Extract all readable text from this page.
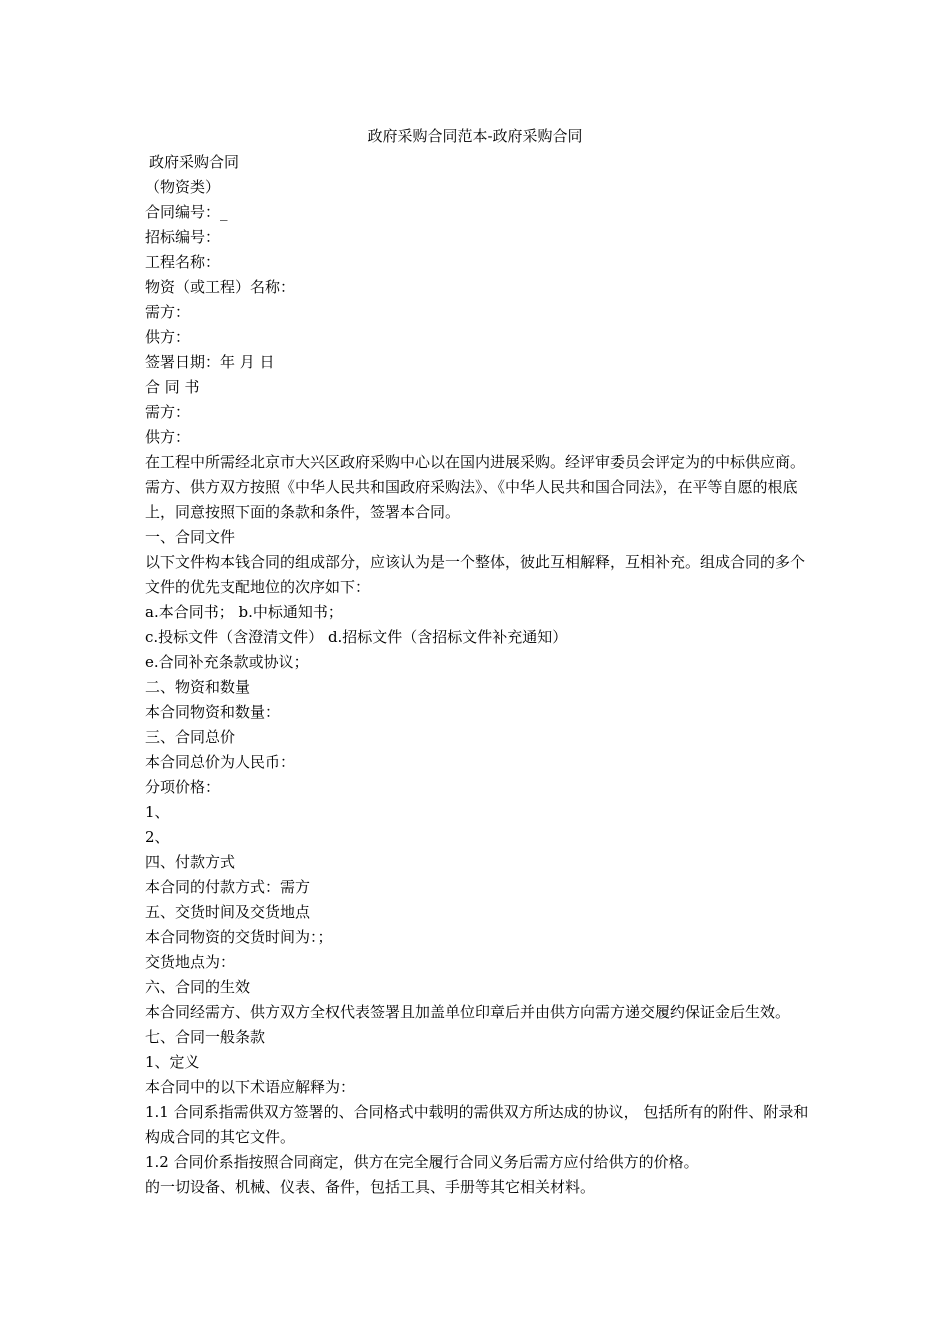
政府采购合同范本-政府采购合同

政府采购合同

（物资类）

合同编号：_

招标编号：

工程名称：

物资（或工程）名称：

需方：

供方：

签署日期：年 月 日

合 同 书

需方：

供方：

在工程中所需经北京市大兴区政府采购中心以在国内进展采购。经评审委员会评定为的中标供应商。需方、供方双方按照《中华人民共和国政府采购法》、《中华人民共和国合同法》，在平等自愿的根底上，同意按照下面的条款和条件，签署本合同。

一、合同文件

以下文件构本钱合同的组成部分，应该认为是一个整体，彼此互相解释，互相补充。组成合同的多个文件的优先支配地位的次序如下：

a.本合同书； b.中标通知书；

c.投标文件（含澄清文件） d.招标文件（含招标文件补充通知）

e.合同补充条款或协议；

二、物资和数量

本合同物资和数量：

三、合同总价

本合同总价为人民币：

分项价格：

1、

2、

四、付款方式

本合同的付款方式：需方

五、交货时间及交货地点

本合同物资的交货时间为：；

交货地点为：

六、合同的生效

本合同经需方、供方双方全权代表签署且加盖单位印章后并由供方向需方递交履约保证金后生效。

七、合同一般条款

1、定义

本合同中的以下术语应解释为：

1.1 合同系指需供双方签署的、合同格式中载明的需供双方所达成的协议， 包括所有的附件、附录和构成合同的其它文件。

1.2 合同价系指按照合同商定，供方在完全履行合同义务后需方应付给供方的价格。

的一切设备、机械、仪表、备件，包括工具、手册等其它相关材料。
